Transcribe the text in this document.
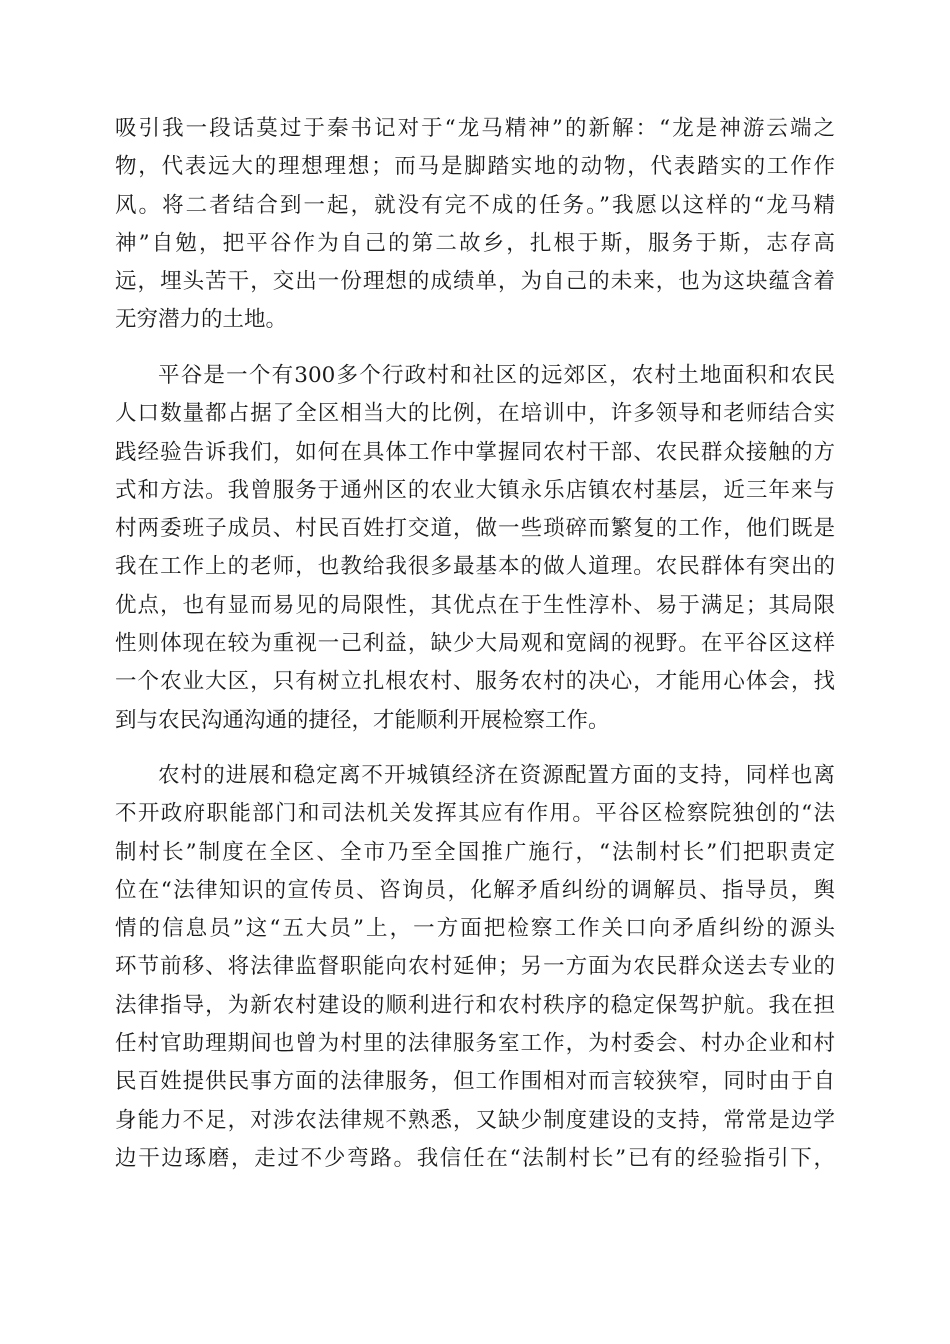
吸引我一段话莫过于秦书记对于“龙马精神”的新解：“龙是神游云端之
物，代表远大的理想理想；而马是脚踏实地的动物，代表踏实的工作作
风。将二者结合到一起，就没有完不成的任务。”我愿以这样的“龙马精
神”自勉，把平谷作为自己的第二故乡，扎根于斯，服务于斯，志存高
远，埋头苦干，交出一份理想的成绩单，为自己的未来，也为这块蕴含着
无穷潜力的土地。
平谷是一个有300多个行政村和社区的远郊区，农村土地面积和农民
人口数量都占据了全区相当大的比例，在培训中，许多领导和老师结合实
践经验告诉我们，如何在具体工作中掌握同农村干部、农民群众接触的方
式和方法。我曾服务于通州区的农业大镇永乐店镇农村基层，近三年来与
村两委班子成员、村民百姓打交道，做一些琐碎而繁复的工作，他们既是
我在工作上的老师，也教给我很多最基本的做人道理。农民群体有突出的
优点，也有显而易见的局限性，其优点在于生性淳朴、易于满足；其局限
性则体现在较为重视一己利益，缺少大局观和宽阔的视野。在平谷区这样
一个农业大区，只有树立扎根农村、服务农村的决心，才能用心体会，找
到与农民沟通沟通的捷径，才能顺利开展检察工作。
农村的进展和稳定离不开城镇经济在资源配置方面的支持，同样也离
不开政府职能部门和司法机关发挥其应有作用。平谷区检察院独创的“法
制村长”制度在全区、全市乃至全国推广施行，“法制村长”们把职责定
位在“法律知识的宣传员、咨询员，化解矛盾纠纷的调解员、指导员，舆
情的信息员”这“五大员”上，一方面把检察工作关口向矛盾纠纷的源头
环节前移、将法律监督职能向农村延伸；另一方面为农民群众送去专业的
法律指导，为新农村建设的顺利进行和农村秩序的稳定保驾护航。我在担
任村官助理期间也曾为村里的法律服务室工作，为村委会、村办企业和村
民百姓提供民事方面的法律服务，但工作围相对而言较狭窄，同时由于自
身能力不足，对涉农法律规不熟悉，又缺少制度建设的支持，常常是边学
边干边琢磨，走过不少弯路。我信任在“法制村长”已有的经验指引下，
